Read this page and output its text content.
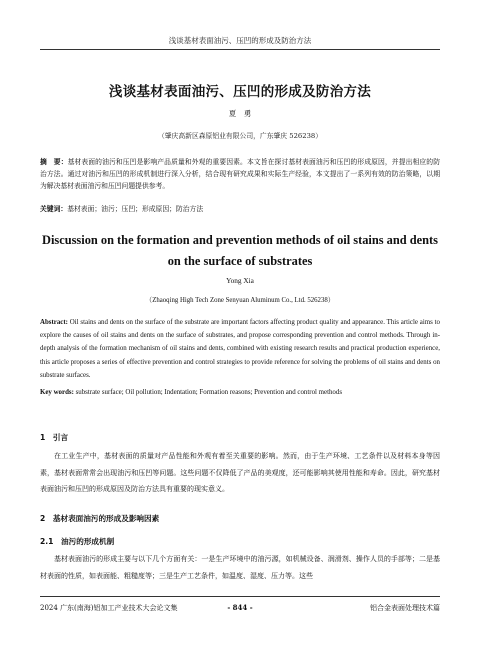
浅谈基材表面油污、压凹的形成及防治方法
浅谈基材表面油污、压凹的形成及防治方法
夏　勇
（肇庆高新区森原铝业有限公司，广东肇庆 526238）
摘　要：基材表面的油污和压凹是影响产品质量和外观的重要因素。本文旨在探讨基材表面油污和压凹的形成原因，并提出相应的防治方法。通过对油污和压凹的形成机制进行深入分析，结合现有研究成果和实际生产经验，本文提出了一系列有效的防治策略，以期为解决基材表面油污和压凹问题提供参考。
关键词：基材表面；油污；压凹；形成原因；防治方法
Discussion on the formation and prevention methods of oil stains and dents on the surface of substrates
Yong Xia
（Zhaoqing High Tech Zone Senyuan Aluminum Co., Ltd. 526238）
Abstract: Oil stains and dents on the surface of the substrate are important factors affecting product quality and appearance. This article aims to explore the causes of oil stains and dents on the surface of substrates, and propose corresponding prevention and control methods. Through in-depth analysis of the formation mechanism of oil stains and dents, combined with existing research results and practical production experience, this article proposes a series of effective prevention and control strategies to provide reference for solving the problems of oil stains and dents on substrate surfaces.
Key words: substrate surface; Oil pollution; Indentation; Formation reasons; Prevention and control methods
1　引言
在工业生产中，基材表面的质量对产品性能和外观有着至关重要的影响。然而，由于生产环境、工艺条件以及材料本身等因素，基材表面常常会出现油污和压凹等问题。这些问题不仅降低了产品的美观度，还可能影响其使用性能和寿命。因此，研究基材表面油污和压凹的形成原因及防治方法具有重要的现实意义。
2　基材表面油污的形成及影响因素
2.1　油污的形成机制
基材表面油污的形成主要与以下几个方面有关：一是生产环境中的油污源，如机械设备、润滑剂、操作人员的手部等；二是基材表面的性质，如表面能、粗糙度等；三是生产工艺条件，如温度、湿度、压力等。这些
2024 广东(南海)铝加工产业技术大会论文集	- 844 -	铝合金表面处理技术篇
